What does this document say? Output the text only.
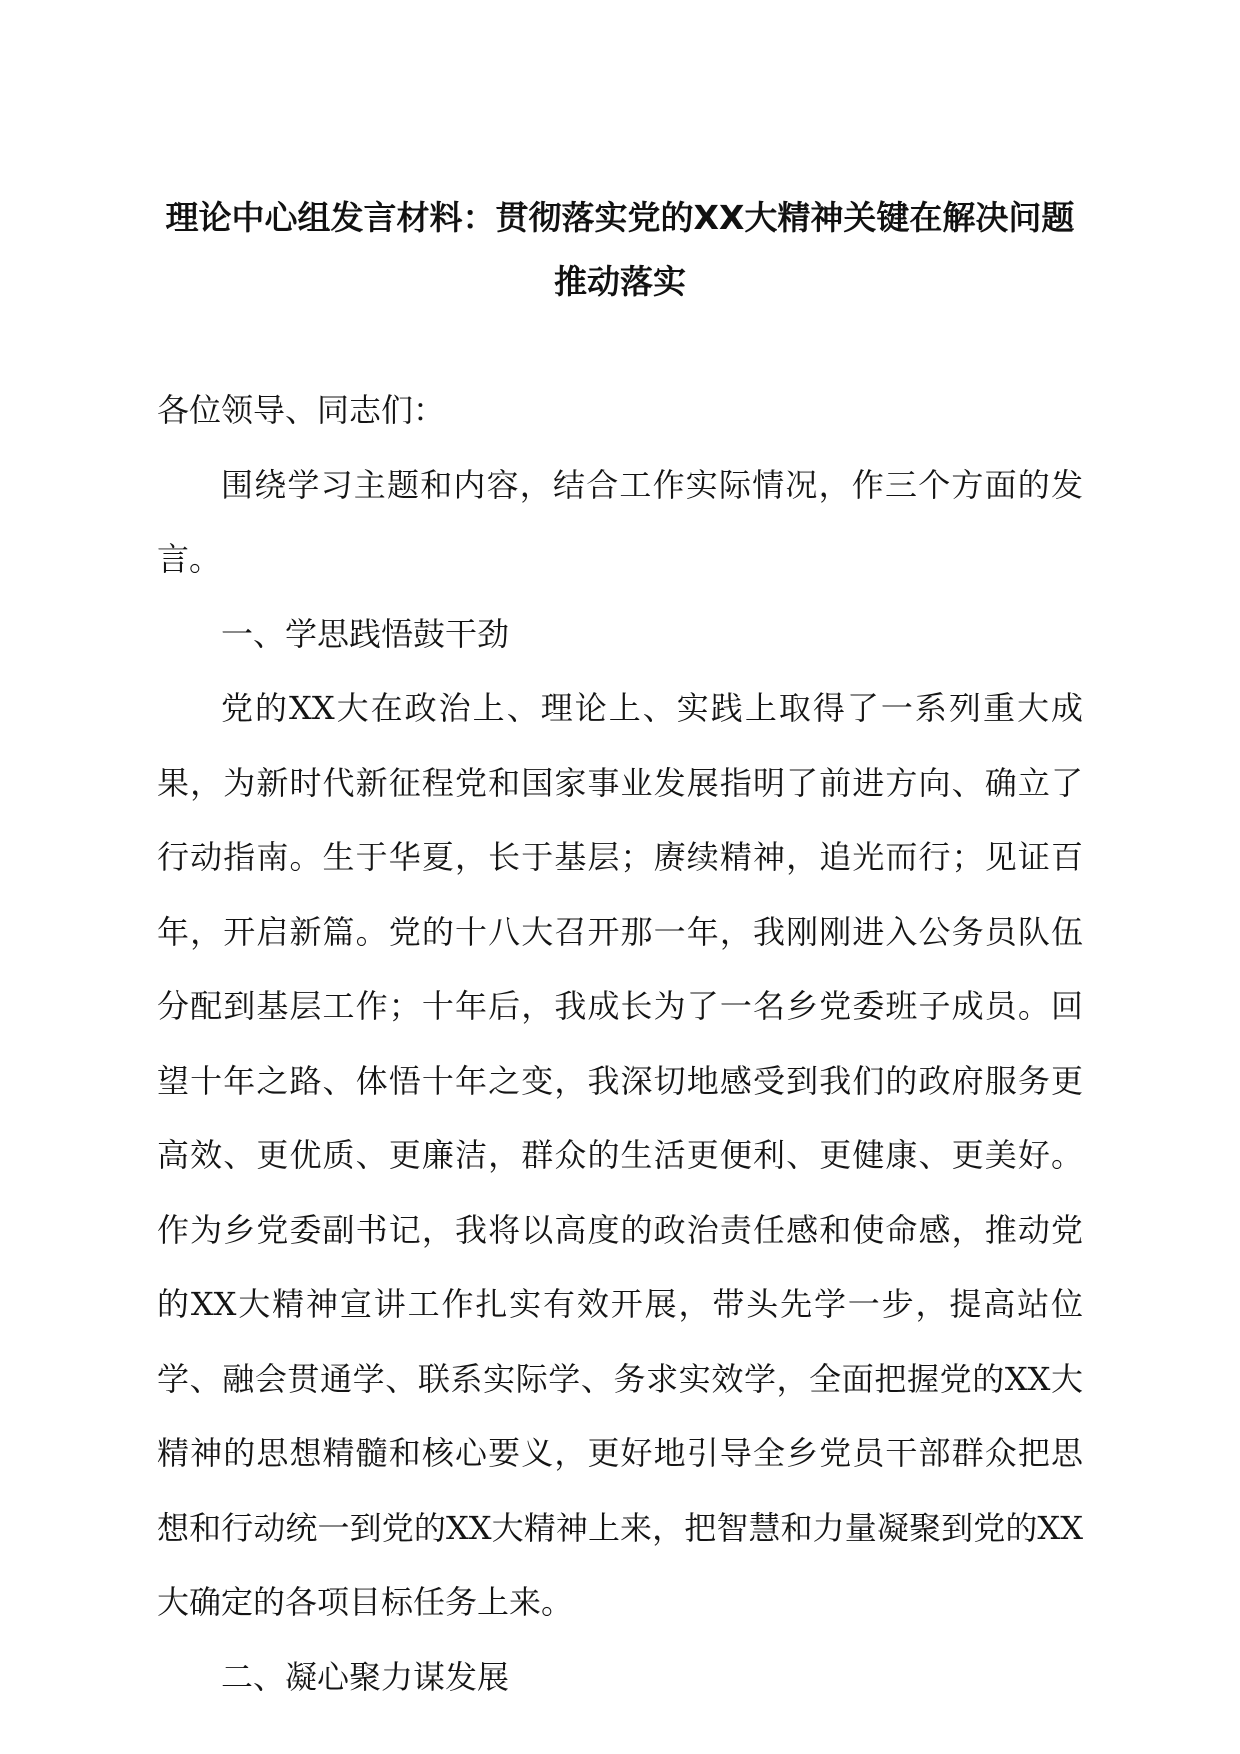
理论中心组发言材料：贯彻落实党的XX大精神关键在解决问题
推动落实

各位领导、同志们：

围绕学习主题和内容，结合工作实际情况，作三个方面的发言。

一、学思践悟鼓干劲

党的XX大在政治上、理论上、实践上取得了一系列重大成果，为新时代新征程党和国家事业发展指明了前进方向、确立了行动指南。生于华夏，长于基层；赓续精神，追光而行；见证百年，开启新篇。党的十八大召开那一年，我刚刚进入公务员队伍分配到基层工作；十年后，我成长为了一名乡党委班子成员。回望十年之路、体悟十年之变，我深切地感受到我们的政府服务更高效、更优质、更廉洁，群众的生活更便利、更健康、更美好。作为乡党委副书记，我将以高度的政治责任感和使命感，推动党的XX大精神宣讲工作扎实有效开展，带头先学一步，提高站位学、融会贯通学、联系实际学、务求实效学，全面把握党的XX大精神的思想精髓和核心要义，更好地引导全乡党员干部群众把思想和行动统一到党的XX大精神上来，把智慧和力量凝聚到党的XX大确定的各项目标任务上来。

二、凝心聚力谋发展
